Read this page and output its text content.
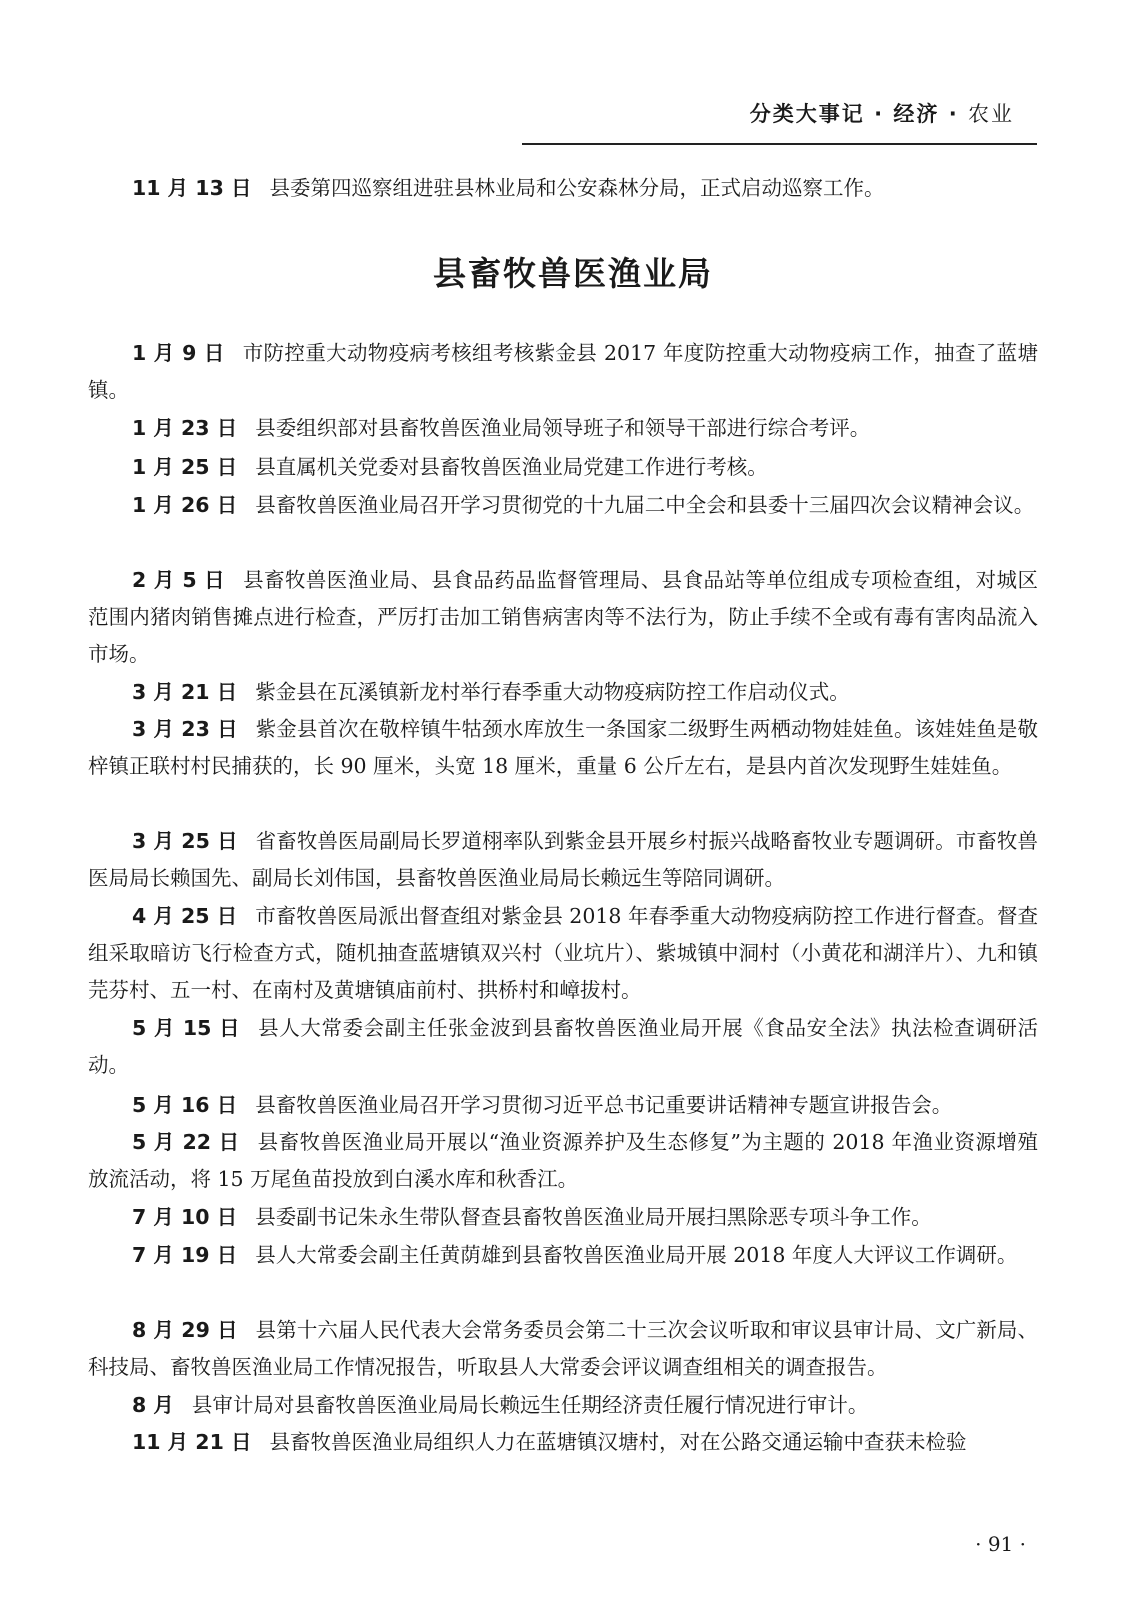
分类大事记 · 经济 · 农业

11 月 13 日 县委第四巡察组进驻县林业局和公安森林分局，正式启动巡察工作。

县畜牧兽医渔业局

1 月 9 日 市防控重大动物疫病考核组考核紫金县 2017 年度防控重大动物疫病工作，抽查了蓝塘镇。

1 月 23 日 县委组织部对县畜牧兽医渔业局领导班子和领导干部进行综合考评。

1 月 25 日 县直属机关党委对县畜牧兽医渔业局党建工作进行考核。

1 月 26 日 县畜牧兽医渔业局召开学习贯彻党的十九届二中全会和县委十三届四次会议精神会议。

2 月 5 日 县畜牧兽医渔业局、县食品药品监督管理局、县食品站等单位组成专项检查组，对城区范围内猪肉销售摊点进行检查，严厉打击加工销售病害肉等不法行为，防止手续不全或有毒有害肉品流入市场。

3 月 21 日 紫金县在瓦溪镇新龙村举行春季重大动物疫病防控工作启动仪式。

3 月 23 日 紫金县首次在敬梓镇牛牯颈水库放生一条国家二级野生两栖动物娃娃鱼。该娃娃鱼是敬梓镇正联村村民捕获的，长 90 厘米，头宽 18 厘米，重量 6 公斤左右，是县内首次发现野生娃娃鱼。

3 月 25 日 省畜牧兽医局副局长罗道栩率队到紫金县开展乡村振兴战略畜牧业专题调研。市畜牧兽医局局长赖国先、副局长刘伟国，县畜牧兽医渔业局局长赖远生等陪同调研。

4 月 25 日 市畜牧兽医局派出督查组对紫金县 2018 年春季重大动物疫病防控工作进行督查。督查组采取暗访飞行检查方式，随机抽查蓝塘镇双兴村（业坑片）、紫城镇中洞村（小黄花和湖洋片）、九和镇芫芬村、五一村、在南村及黄塘镇庙前村、拱桥村和嶂拔村。

5 月 15 日 县人大常委会副主任张金波到县畜牧兽医渔业局开展《食品安全法》执法检查调研活动。

5 月 16 日 县畜牧兽医渔业局召开学习贯彻习近平总书记重要讲话精神专题宣讲报告会。

5 月 22 日 县畜牧兽医渔业局开展以“渔业资源养护及生态修复”为主题的 2018 年渔业资源增殖放流活动，将 15 万尾鱼苗投放到白溪水库和秋香江。

7 月 10 日 县委副书记朱永生带队督查县畜牧兽医渔业局开展扫黑除恶专项斗争工作。

7 月 19 日 县人大常委会副主任黄荫雄到县畜牧兽医渔业局开展 2018 年度人大评议工作调研。

8 月 29 日 县第十六届人民代表大会常务委员会第二十三次会议听取和审议县审计局、文广新局、科技局、畜牧兽医渔业局工作情况报告，听取县人大常委会评议调查组相关的调查报告。

8 月 县审计局对县畜牧兽医渔业局局长赖远生任期经济责任履行情况进行审计。

11 月 21 日 县畜牧兽医渔业局组织人力在蓝塘镇汉塘村，对在公路交通运输中查获未检验

· 91 ·
